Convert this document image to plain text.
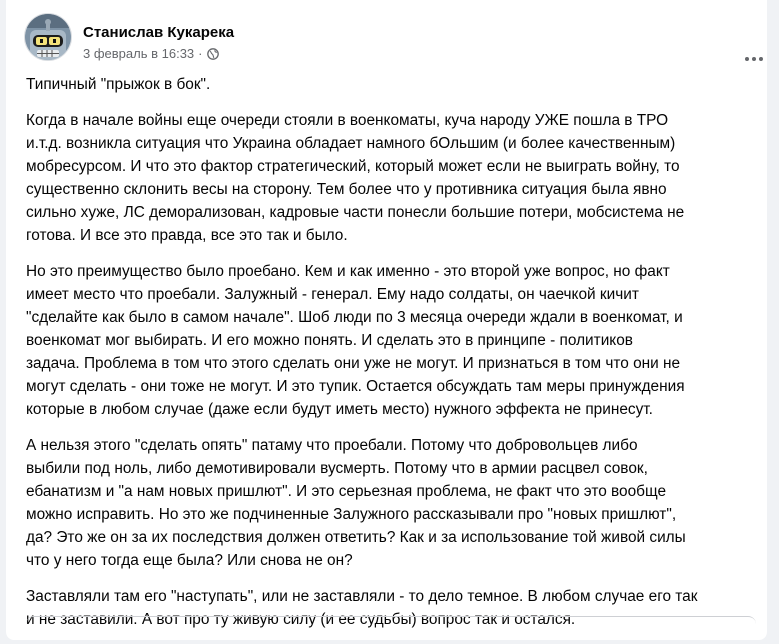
Станислав Кукарека
3 февраль в 16:33 ·

Типичный "прыжок в бок".

Когда в начале войны еще очереди стояли в военкоматы, куча народу УЖЕ пошла в ТРО
и.т.д. возникла ситуация что Украина обладает намного бОльшим (и более качественным)
мобресурсом. И что это фактор стратегический, который может если не выиграть войну, то
существенно склонить весы на сторону. Тем более что у противника ситуация была явно
сильно хуже, ЛС деморализован, кадровые части понесли большие потери, мобсистема не
готова. И все это правда, все это так и было.

Но это преимущество было проебано. Кем и как именно - это второй уже вопрос, но факт
имеет место что проебали. Залужный - генерал. Ему надо солдаты, он чаечкой кичит
"сделайте как было в самом начале". Шоб люди по 3 месяца очереди ждали в военкомат, и
военкомат мог выбирать. И его можно понять. И сделать это в принципе - политиков
задача. Проблема в том что этого сделать они уже не могут. И признаться в том что они не
могут сделать - они тоже не могут. И это тупик. Остается обсуждать там меры принуждения
которые в любом случае (даже если будут иметь место) нужного эффекта не принесут.

А нельзя этого "сделать опять" патаму что проебали. Потому что добровольцев либо
выбили под ноль, либо демотивировали вусмерть. Потому что в армии расцвел совок,
ебанатизм и "а нам новых пришлют". И это серьезная проблема, не факт что это вообще
можно исправить. Но это же подчиненные Залужного рассказывали про "новых пришлют",
да? Это же он за их последствия должен ответить? Как и за использование той живой силы
что у него тогда еще была? Или снова не он?

Заставляли там его "наступать", или не заставляли - то дело темное. В любом случае его так
и не заставили. А вот про ту живую силу (и ее судьбы) вопрос так и остался.
